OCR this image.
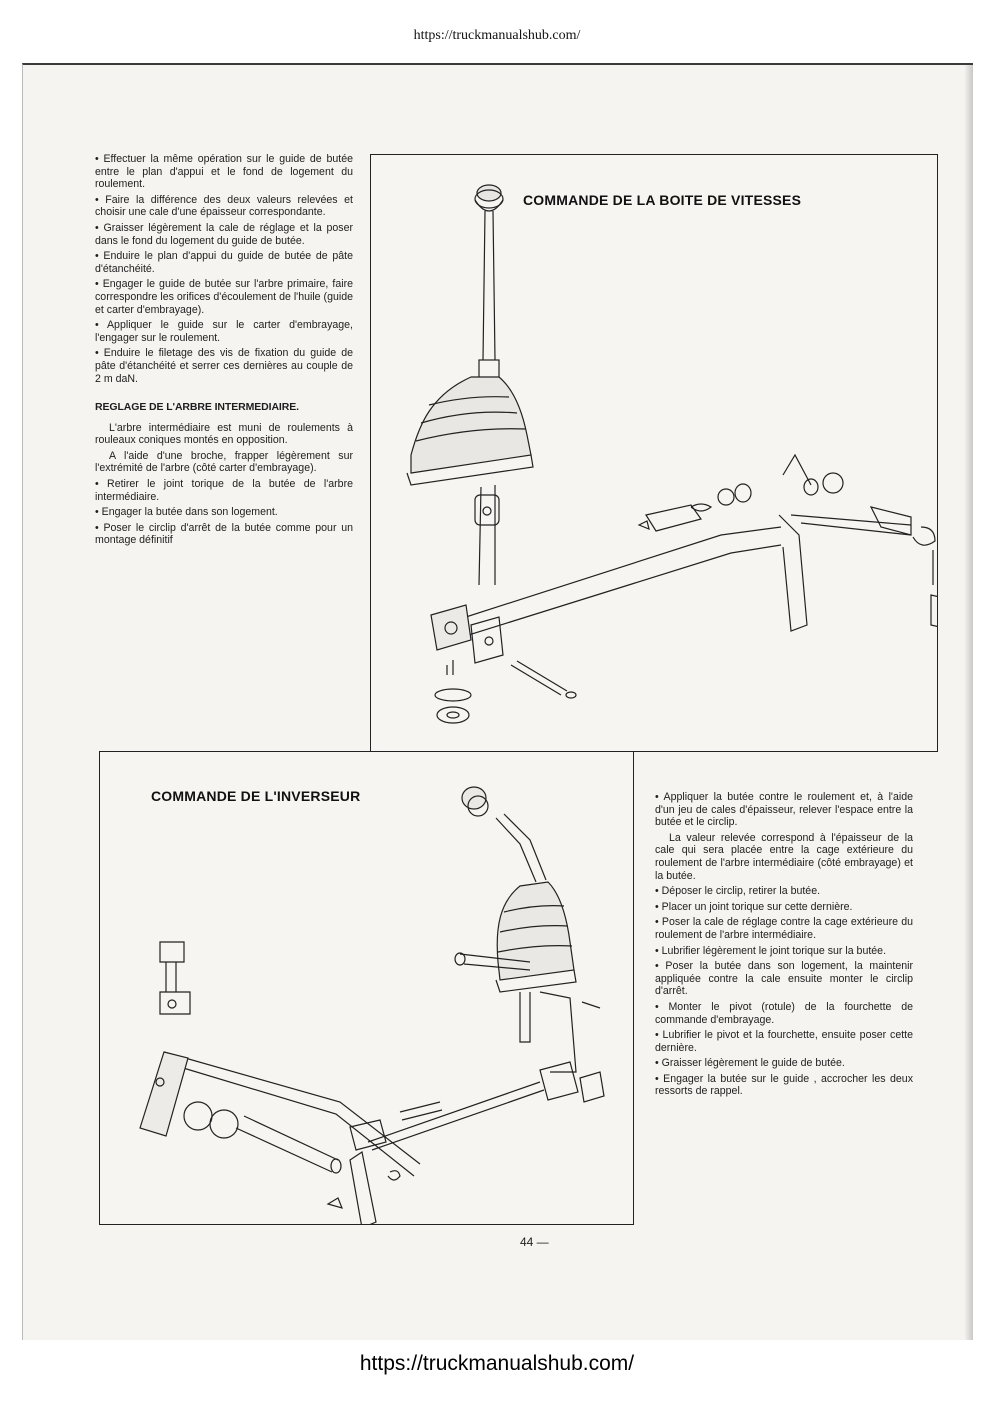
https://truckmanualshub.com/

• Effectuer la même opération sur le guide de butée entre le plan d'appui et le fond de logement du roulement.

• Faire la différence des deux valeurs relevées et choisir une cale d'une épaisseur correspondante.

• Graisser légèrement la cale de réglage et la poser dans le fond du logement du guide de butée.

• Enduire le plan d'appui du guide de butée de pâte d'étanchéité.

• Engager le guide de butée sur l'arbre primaire, faire correspondre les orifices d'écoulement de l'huile (guide et carter d'embrayage).

• Appliquer le guide sur le carter d'embrayage, l'engager sur le roulement.

• Enduire le filetage des vis de fixation du guide de pâte d'étanchéité et serrer ces dernières au couple de 2 m daN.

REGLAGE DE L'ARBRE INTERMEDIAIRE.

L'arbre intermédiaire est muni de roulements à rouleaux coniques montés en opposition.

A l'aide d'une broche, frapper légèrement sur l'extrémité de l'arbre (côté carter d'embrayage).

• Retirer le joint torique de la butée de l'arbre intermédiaire.

• Engager la butée dans son logement.

• Poser le circlip d'arrêt de la butée comme pour un montage définitif

COMMANDE DE LA BOITE DE VITESSES
COMMANDE DE L'INVERSEUR	• Appliquer la butée contre le roulement et, à l'aide d'un jeu de cales d'épaisseur, relever l'espace entre la butée et le circlip.

La valeur relevée correspond à l'épaisseur de la cale qui sera placée entre la cage extérieure du roulement de l'arbre intermédiaire (côté embrayage) et la butée.

• Déposer le circlip, retirer la butée.

• Placer un joint torique sur cette dernière.

• Poser la cale de réglage contre la cage extérieure du roulement de l'arbre intermédiaire.

• Lubrifier légèrement le joint torique sur la butée.

• Poser la butée dans son logement, la maintenir appliquée contre la cale ensuite monter le circlip d'arrêt.

• Monter le pivot (rotule) de la fourchette de commande d'embrayage.

• Lubrifier le pivot et la fourchette, ensuite poser cette dernière.

• Graisser légèrement le guide de butée.

• Engager la butée sur le guide , accrocher les deux ressorts de rappel.

44 —
https://truckmanualshub.com/
